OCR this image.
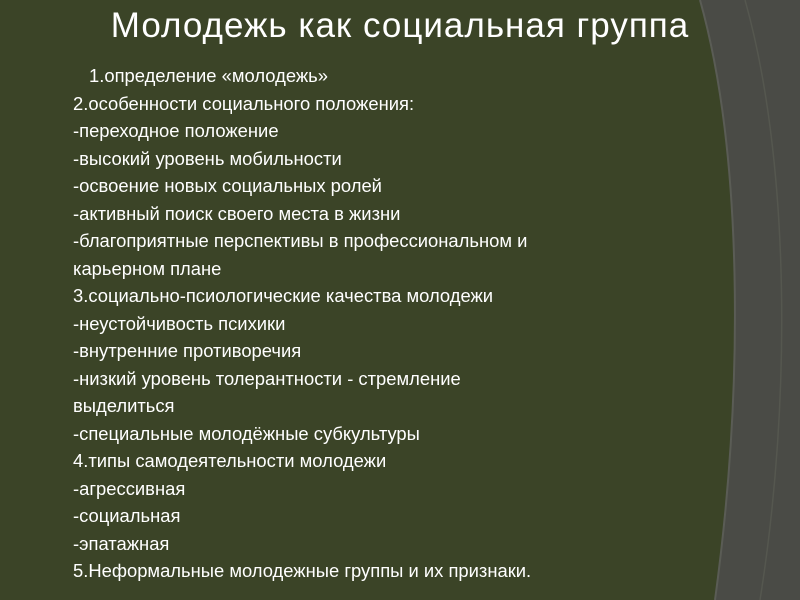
Молодежь как социальная группа
1.определение «молодежь»
2.особенности социального положения:
-переходное положение
-высокий уровень мобильности
-освоение новых социальных ролей
-активный поиск своего места в жизни
-благоприятные перспективы в профессиональном и
карьерном плане
3.социально-псиологические качества молодежи
-неустойчивость психики
-внутренние противоречия
-низкий уровень толерантности - стремление
выделиться
-специальные молодёжные субкультуры
4.типы самодеятельности молодежи
-агрессивная
-социальная
-эпатажная
5.Неформальные молодежные группы и их признаки.
